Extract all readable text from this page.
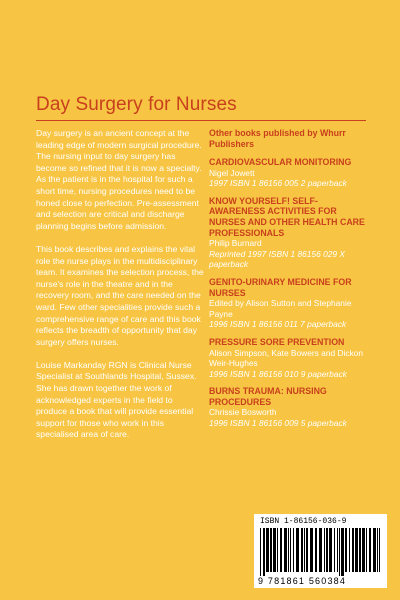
Day Surgery for Nurses

Day surgery is an ancient concept at the leading edge of modern surgical procedure. The nursing input to day surgery has become so refined that it is now a specialty. As the patient is in the hospital for such a short time, nursing procedures need to be honed close to perfection. Pre-assessment and selection are critical and discharge planning begins before admission.

This book describes and explains the vital role the nurse plays in the multidisciplinary team. It examines the selection process, the nurse's role in the theatre and in the recovery room, and the care needed on the ward. Few other specialities provide such a comprehensive range of care and this book reflects the breadth of opportunity that day surgery offers nurses.

Louise Markanday RGN is Clinical Nurse Specialist at Southlands Hospital, Sussex. She has drawn together the work of acknowledged experts in the field to produce a book that will provide essential support for those who work in this specialised area of care.

Other books published by Whurr Publishers
CARDIOVASCULAR MONITORING
Nigel Jowett
1997 ISBN 1 86156 005 2 paperback
KNOW YOURSELF! SELF-AWARENESS ACTIVITIES FOR NURSES AND OTHER HEALTH CARE PROFESSIONALS
Philip Burnard
Reprinted 1997 ISBN 1 86156 029 X paperback
GENITO-URINARY MEDICINE FOR NURSES
Edited by Alison Sutton and Stephanie Payne
1996 ISBN 1 86156 011 7 paperback
PRESSURE SORE PREVENTION
Alison Simpson, Kate Bowers and Dickon Weir-Hughes
1996 ISBN 1 86156 010 9 paperback
BURNS TRAUMA: NURSING PROCEDURES
Chrissie Bosworth
1996 ISBN 1 86156 009 5 paperback
ISBN 1-86156-036-9
9 781861 560384
